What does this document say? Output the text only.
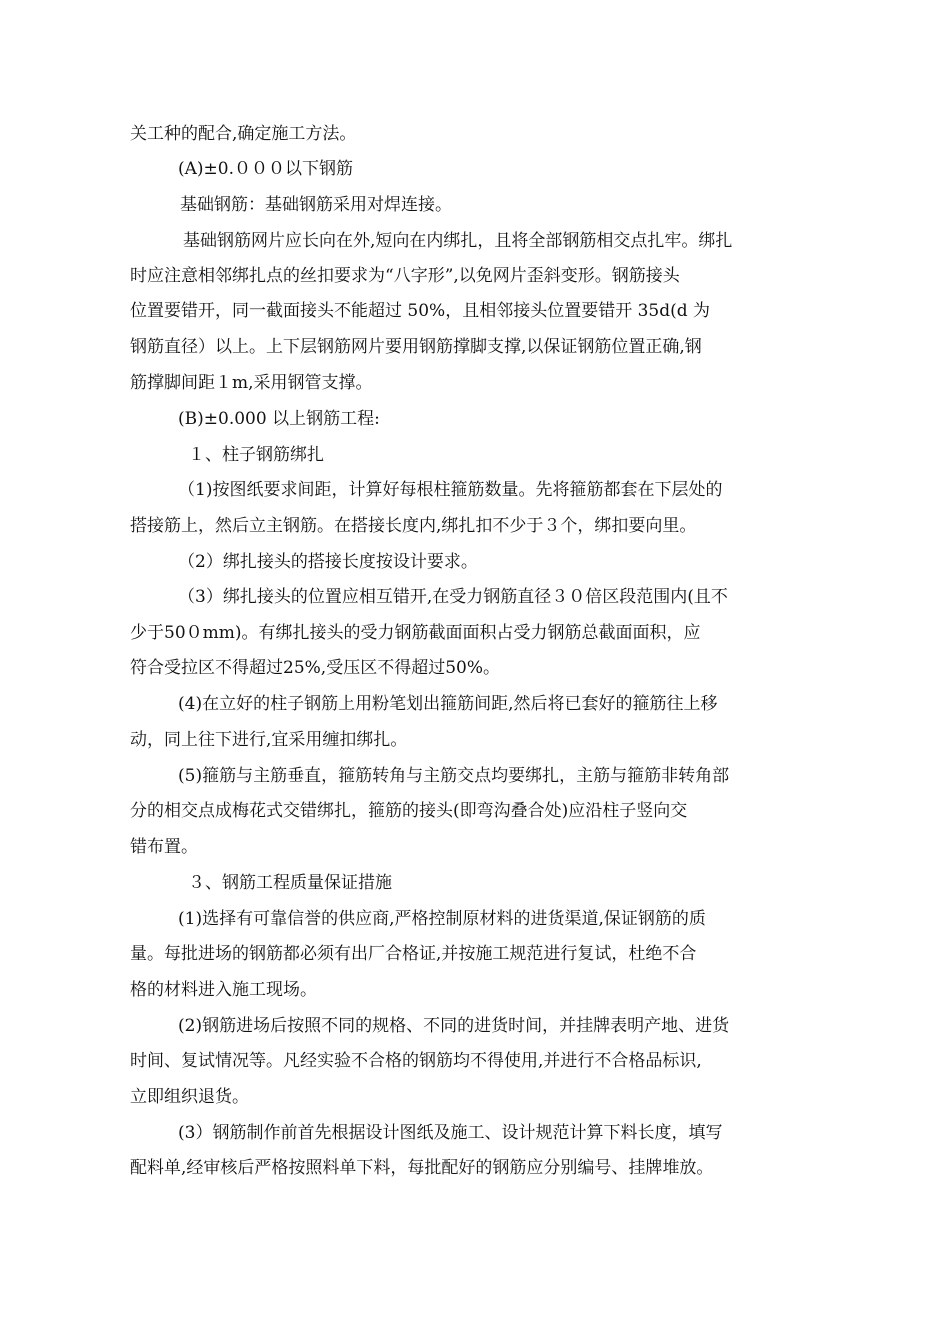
关工种的配合,确定施工方法。
(A)±0.０００以下钢筋
基础钢筋：基础钢筋采用对焊连接。
基础钢筋网片应长向在外,短向在内绑扎，且将全部钢筋相交点扎牢。绑扎
时应注意相邻绑扎点的丝扣要求为“八字形”,以免网片歪斜变形。钢筋接头
位置要错开，同一截面接头不能超过 50%，且相邻接头位置要错开 35d(d 为
钢筋直径）以上。上下层钢筋网片要用钢筋撑脚支撑,以保证钢筋位置正确,钢
筋撑脚间距１m,采用钢管支撑。
(B)±0.000 以上钢筋工程:
１、柱子钢筋绑扎
（1)按图纸要求间距，计算好每根柱箍筋数量。先将箍筋都套在下层处的
搭接筋上，然后立主钢筋。在搭接长度内,绑扎扣不少于３个，绑扣要向里。
（2）绑扎接头的搭接长度按设计要求。
（3）绑扎接头的位置应相互错开,在受力钢筋直径３０倍区段范围内(且不
少于50０mm)。有绑扎接头的受力钢筋截面面积占受力钢筋总截面面积，应
符合受拉区不得超过25%,受压区不得超过50%。
(4)在立好的柱子钢筋上用粉笔划出箍筋间距,然后将已套好的箍筋往上移
动，同上往下进行,宜采用缠扣绑扎。
(5)箍筋与主筋垂直，箍筋转角与主筋交点均要绑扎，主筋与箍筋非转角部
分的相交点成梅花式交错绑扎，箍筋的接头(即弯沟叠合处)应沿柱子竖向交
错布置。
３、钢筋工程质量保证措施
(1)选择有可靠信誉的供应商,严格控制原材料的进货渠道,保证钢筋的质
量。每批进场的钢筋都必须有出厂合格证,并按施工规范进行复试，杜绝不合
格的材料进入施工现场。
(2)钢筋进场后按照不同的规格、不同的进货时间，并挂牌表明产地、进货
时间、复试情况等。凡经实验不合格的钢筋均不得使用,并进行不合格品标识,
立即组织退货。
(3）钢筋制作前首先根据设计图纸及施工、设计规范计算下料长度，填写
配料单,经审核后严格按照料单下料，每批配好的钢筋应分别编号、挂牌堆放。
